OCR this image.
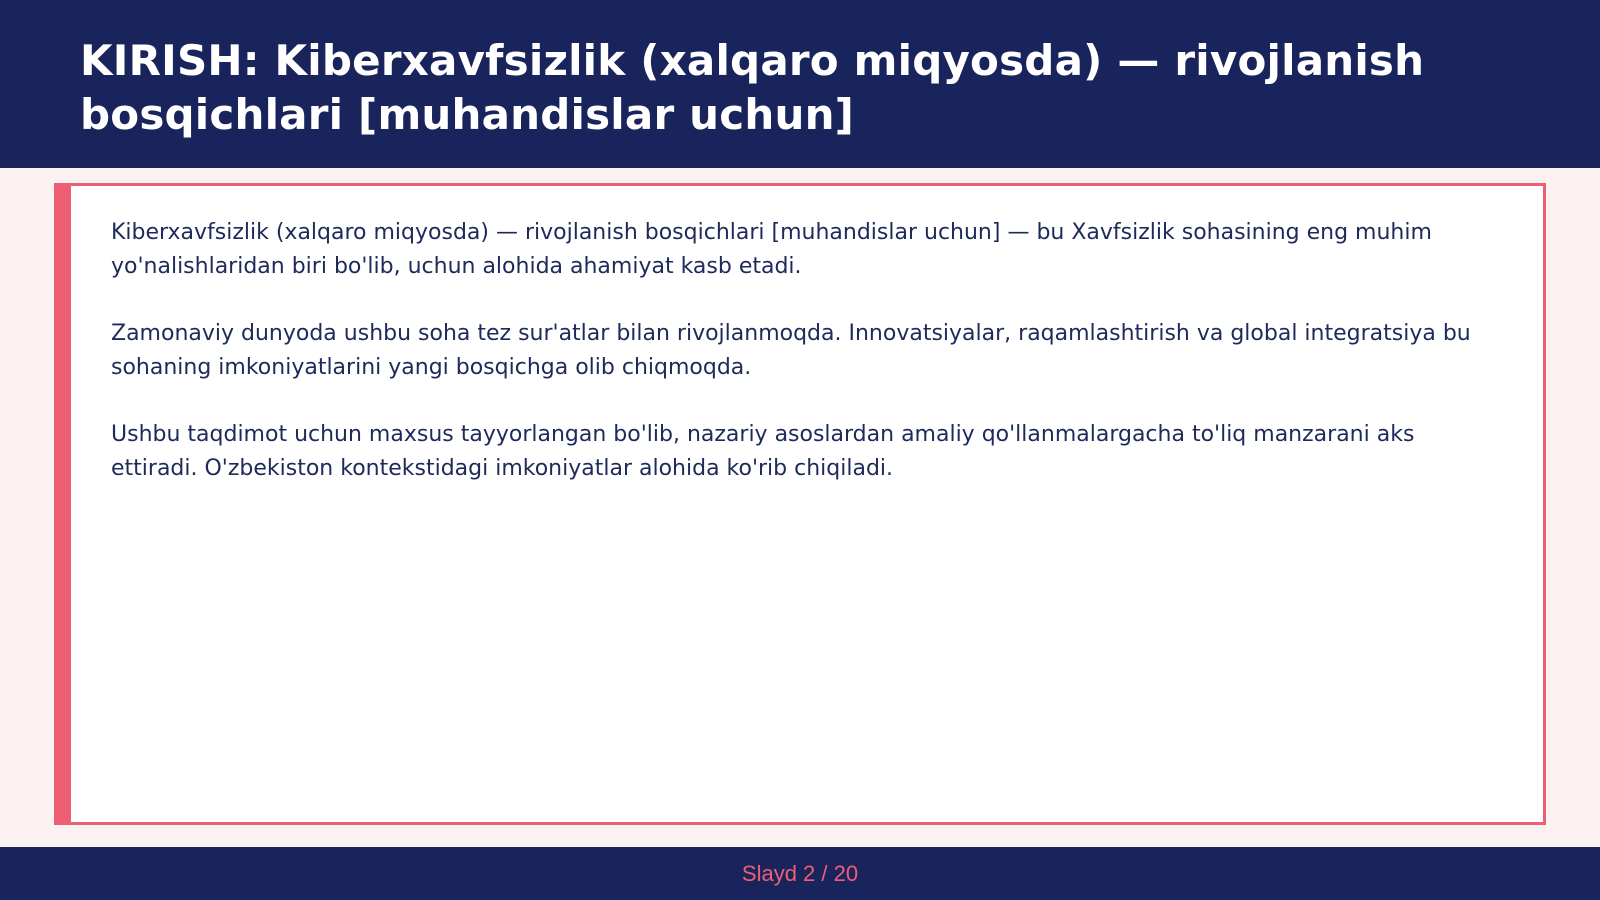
KIRISH: Kiberxavfsizlik (xalqaro miqyosda) — rivojlanish bosqichlari [muhandislar uchun]

Kiberxavfsizlik (xalqaro miqyosda) — rivojlanish bosqichlari [muhandislar uchun] — bu Xavfsizlik sohasining eng muhim yo'nalishlaridan biri bo'lib, uchun alohida ahamiyat kasb etadi.

Zamonaviy dunyoda ushbu soha tez sur'atlar bilan rivojlanmoqda. Innovatsiyalar, raqamlashtirish va global integratsiya bu sohaning imkoniyatlarini yangi bosqichga olib chiqmoqda.

Ushbu taqdimot uchun maxsus tayyorlangan bo'lib, nazariy asoslardan amaliy qo'llanmalargacha to'liq manzarani aks ettiradi. O'zbekiston kontekstidagi imkoniyatlar alohida ko'rib chiqiladi.

Slayd 2 / 20
